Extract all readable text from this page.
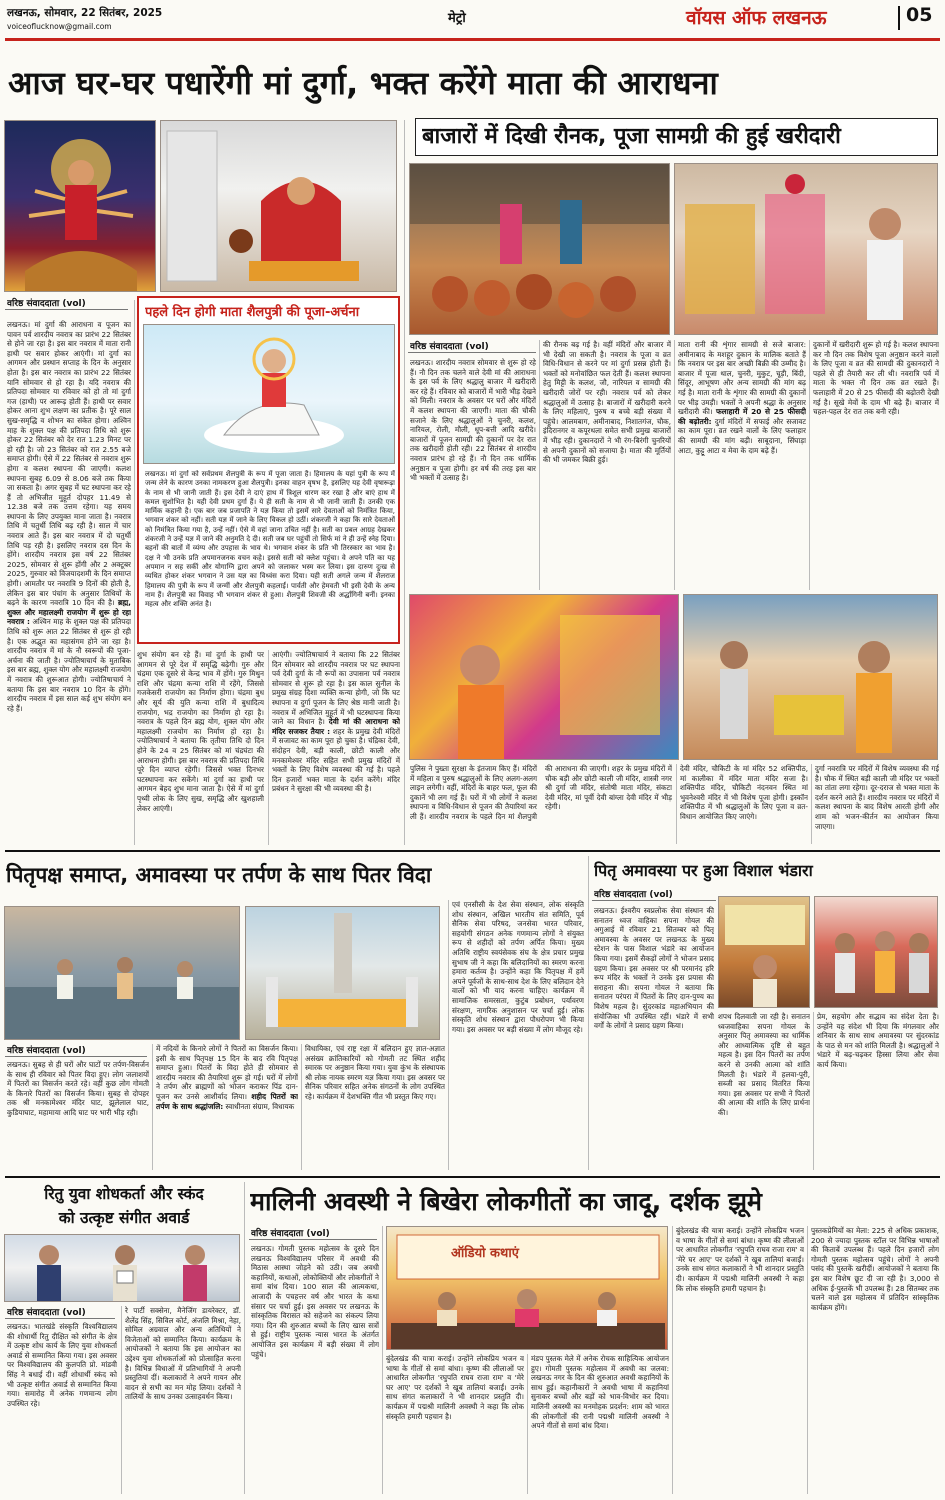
लखनऊ, सोमवार, 22 सितंबर, 2025
voiceoflucknow@gmail.com
मेट्रो	वॉयस ऑफ लखनऊ	05
आज घर-घर पधारेंगी मां दुर्गा, भक्त करेंगे माता की आराधना
वरिष्ठ संवाददाता (vol)
लखनऊ। मां दुर्गा की आराधना व पूजन का पावन पर्व शारदीय नवरात्र का प्रारंभ 22 सितंबर से होने जा रहा है। इस बार नवरात्र में माता रानी हाथी पर सवार होकर आएंगी। मां दुर्गा का आगमन और प्रस्थान सप्ताह के दिन के अनुसार होता है। इस बार नवरात्र का प्रारंभ 22 सितंबर यानि सोमवार से हो रहा है। यदि नवरात्र की प्रतिपदा सोमवार या रविवार को हो तो मां दुर्गा गज (हाथी) पर आरूढ़ होती हैं। हाथी पर सवार होकर आना शुभ लक्षण का प्रतीक है। पूरे साल सुख-समृद्धि व शोभन का संकेत होगा। अश्विन माह के शुक्ल पक्ष की प्रतिपदा तिथि को शुरू होकर 22 सितंबर को देर रात 1.23 मिनट पर हो रही है। जो 23 सितंबर को रात 2.55 बजे समाप्त होगी। ऐसे में 22 सितंबर से नवरात्र शुरू होगा व कलश स्थापना की जाएगी। कलश स्थापना सुबह 6.09 से 8.06 बजे तक किया जा सकता है। अगर सुबह में घट स्थापना कर रहे हैं तो अभिजीत मुहूर्त दोपहर 11.49 से 12.38 बजे तक उत्तम रहेगा। यह समय स्थापना के लिए उपयुक्त माना जाता है। नवरात्र तिथि में चतुर्थी तिथि बढ़ रही है। साल में चार नवरात्र आते हैं। इस बार नवरात्र में दो चतुर्थी तिथि पड़ रही है। इसलिए नवरात्र दस दिन के होंगे। शारदीय नवरात्र इस वर्ष 22 सितंबर 2025, सोमवार से शुरू होंगी और 2 अक्टूबर 2025, गुरुवार को विजयादशमी के दिन समाप्त होगी। आमतौर पर नवरात्रि 9 दिनों की होती है, लेकिन इस बार पंचांग के अनुसार तिथियों के बढ़ने के कारण नवरात्रि 10 दिन की है। ब्रह्म, शुक्ल और महालक्ष्मी राजयोग में शुरू हो रहा नवरात्र : अश्विन माह के शुक्ल पक्ष की प्रतिपदा तिथि को शुरू आत 22 सितंबर से शुरू हो रही है। एक अद्भुत का महासंगम होने जा रहा है। शारदीय नवरात्र में मां के नौ स्वरूपों की पूजा-अर्चना की जाती है। ज्योतिषाचार्य के मुताबिक इस बार ब्रह्म, शुक्ल योग और महालक्ष्मी राजयोग में नवरात्र की शुरूआत होगी। ज्योतिषाचार्य ने बताया कि इस बार नवरात्र 10 दिन के होंगे। शारदीय नवरात्र में इस साल कई शुभ संयोग बन रहे हैं।
पहले दिन होगी माता शैलपुत्री की पूजा-अर्चना
लखनऊ। मां दुर्गा को सर्वप्रथम शैलपुत्री के रूप में पूजा जाता है। हिमालय के यहां पुत्री के रूप में जन्म लेने के कारण उनका नामकरण हुआ शैलपुत्री। इनका वाहन वृषभ है, इसलिए यह देवी वृषारूढ़ा के नाम से भी जानी जाती हैं। इस देवी ने दाएं हाथ में त्रिशूल धारण कर रखा है और बाएं हाथ में कमल सुशोभित है। यही देवी प्रथम दुर्गा हैं। ये ही सती के नाम से भी जानी जाती हैं। उनकी एक मार्मिक कहानी है। एक बार जब प्रजापति ने यज्ञ किया तो इसमें सारे देवताओं को निमंत्रित किया, भगवान शंकर को नहीं। सती यज्ञ में जाने के लिए विकल हो उठीं। शंकरजी ने कहा कि सारे देवताओं को निमंत्रित किया गया है, उन्हें नहीं। ऐसे में वहां जाना उचित नहीं है। सती का प्रबल आग्रह देखकर शंकरजी ने उन्हें यज्ञ में जाने की अनुमति दे दी। सती जब घर पहुंचीं तो सिर्फ मां ने ही उन्हें स्नेह दिया। बहनों की बातों में व्यंग्य और उपहास के भाव थे। भगवान शंकर के प्रति भी तिरस्कार का भाव है। दक्ष ने भी उनके प्रति अपमानजनक वचन कहे। इससे सती को क्लेश पहुंचा। वे अपने पति का यह अपमान न सह सकीं और योगाग्नि द्वारा अपने को जलाकर भस्म कर लिया। इस दारुण दुःख से व्यथित होकर शंकर भगवान ने उस यज्ञ का विध्वंस करा दिया। यही सती अगले जन्म में शैलराज हिमालय की पुत्री के रूप में जन्मीं और शैलपुत्री कहलाईं। पार्वती और हेमवती भी इसी देवी के अन्य नाम हैं। शैलपुत्री का विवाह भी भगवान शंकर से हुआ। शैलपुत्री शिवजी की अर्द्धांगिनी बनीं। इनका महत्व और शक्ति अनंत है।
शुभ संयोग बन रहे हैं। मां दुर्गा के हाथी पर आगमन से पूरे देश में समृद्धि बढ़ेगी। गुरु और चंद्रमा एक दूसरे से केन्द्र भाव में होंगे। गुरु मिथुन राशि और चंद्रमा कन्या राशि में रहेंगे, जिससे गजकेसरी राजयोग का निर्माण होगा। चंद्रमा बुध और सूर्य की युति कन्या राशि में बुधादित्य राजयोग, भद्र राजयोग का निर्माण हो रहा है। नवरात्र के पहले दिन ब्रह्म योग, शुक्ल योग और महालक्ष्मी राजयोग का निर्माण हो रहा है। ज्योतिषाचार्य ने बताया कि तृतीया तिथि दो दिन होने के 24 व 25 सितंबर को मां चंद्रघंटा की आराधना होगी। इस बार नवरात्र की प्रतिपदा तिथि पूरे दिन व्याप्त रहेगी। जिससे भक्त दिनभर घटस्थापना कर सकेंगे। मां दुर्गा का हाथी पर आगमन बेहद शुभ माना जाता है। ऐसे में मां दुर्गा पृथ्वी लोक के लिए सुख, समृद्धि और खुशहाली लेकर आएंगी।
आएंगी। ज्योतिषाचार्य ने बताया कि 22 सितंबर दिन सोमवार को शारदीय नवरात्र पर घट स्थापना पर्व देवी दुर्गा के नौ रूपों का उपासना पर्व नवरात्र सोमवार से शुरू हो रहा है। इस काल सुनील के प्रमुख संग्रह दिशा व्यक्ति कन्या होगी, जो कि घट स्थापना व दुर्गा पूजन के लिए श्रेष्ठ मानी जाती है। नवरात्र में अभिजित मुहूर्त में भी घटस्थापना किया जाने का विधान है। देवी मां की आराधना को मंदिर सजकर तैयार : शहर के प्रमुख देवी मंदिरों में सजावट का काम पूरा हो चुका है। चंद्रिका देवी, संदोहन देवी, बड़ी काली, छोटी काली और मनकामेश्वर मंदिर सहित सभी प्रमुख मंदिरों में भक्तों के लिए विशेष व्यवस्था की गई है। पहले दिन हजारों भक्त माता के दर्शन करेंगे। मंदिर प्रबंधन ने सुरक्षा की भी व्यवस्था की है।
बाजारों में दिखी रौनक, पूजा सामग्री की हुई खरीदारी
वरिष्ठ संवाददाता (vol)
लखनऊ। शारदीय नवरात्र सोमवार से शुरू हो रहे हैं। नौ दिन तक चलने वाले देवी मां की आराधना के इस पर्व के लिए श्रद्धालु बाजार में खरीदारी कर रहे हैं। रविवार को बाजारों में भारी भीड़ देखने को मिली। नवरात्र के अवसर पर घरों और मंदिरों में कलश स्थापना की जाएगी। माता की चौकी सजाने के लिए श्रद्धालुओं ने चुनरी, कलश, नारियल, रोली, मौली, धूप-बत्ती आदि खरीदे। बाजारों में पूजन सामग्री की दुकानों पर देर रात तक खरीदारी होती रही। 22 सितंबर से शारदीय नवरात्र प्रारंभ हो रहे हैं। नौ दिन तक धार्मिक अनुष्ठान व पूजा होगी। हर वर्ष की तरह इस बार भी भक्तों में उत्साह है।
की रौनक बढ़ गई है। वहीं मंदिरों और बाजार में भी देखी जा सकती है। नवरात्र के पूजा व व्रत विधि-विधान से करने पर मां दुर्गा प्रसन्न होती हैं। भक्तों को मनोवांछित फल देती हैं। कलश स्थापना हेतु मिट्टी के कलश, जौ, नारियल व सामग्री की खरीदारी जोरों पर रही। नवरात्र पर्व को लेकर श्रद्धालुओं में उत्साह है। बाजारों में खरीदारी करने के लिए महिलाएं, पुरुष व बच्चे बड़ी संख्या में पहुंचे। आलमबाग, अमीनाबाद, निशातगंज, चौक, इंदिरानगर व कपूरथला समेत सभी प्रमुख बाजारों में भीड़ रही। दुकानदारों ने भी रंग-बिरंगी चुनरियों से अपनी दुकानों को सजाया है। माता की मूर्तियों की भी जमकर बिक्री हुई।
माता रानी की शृंगार सामग्री से सजे बाजार: अमीनाबाद के मशहूर दुकान के मालिक बताते हैं कि नवरात्र पर इस बार अच्छी बिक्री की उम्मीद है। बाजार में पूजा थाल, चुनरी, मुकुट, चूड़ी, बिंदी, सिंदूर, आभूषण और अन्य सामग्री की मांग बढ़ गई है। माता रानी के शृंगार की सामग्री की दुकानों पर भीड़ उमड़ी। भक्तों ने अपनी श्रद्धा के अनुसार खरीदारी की। फलाहारी में 20 से 25 फीसदी की बढ़ोतरी: दुर्गा मंदिरों में सफाई और सजावट का काम पूरा। व्रत रखने वालों के लिए फलाहार की सामग्री की मांग बढ़ी। साबूदाना, सिंघाड़ा आटा, कुट्टू आटा व मेवा के दाम बढ़े हैं।
दुकानों में खरीदारी शुरू हो गई है। कलश स्थापना कर नौ दिन तक विशेष पूजा अनुष्ठान करने वालों के लिए पूजा व व्रत की सामग्री की दुकानदारों ने पहले से ही तैयारी कर ली थी। नवरात्रि पर्व में माता के भक्त नौ दिन तक व्रत रखते हैं। फलाहारी में 20 से 25 फीसदी की बढ़ोतरी देखी गई है। सूखे मेवों के दाम भी बढ़े हैं। बाजार में चहल-पहल देर रात तक बनी रही।
पुलिस ने पुख्ता सुरक्षा के इंतजाम किए हैं। मंदिरों में महिला व पुरुष श्रद्धालुओं के लिए अलग-अलग लाइन लगेगी। वहीं, मंदिरों के बाहर फल, फूल की दुकानें भी लग गई हैं। घरों में भी लोगों ने कलश स्थापना व विधि-विधान से पूजन की तैयारियां कर ली हैं। शारदीय नवरात्र के पहले दिन मां शैलपुत्री की आराधना की जाएगी। शहर के प्रमुख मंदिरों में चौक बड़ी और छोटी काली जी मंदिर, शास्त्री नगर श्री दुर्गा जी मंदिर, संतोषी माता मंदिर, संकटा देवी मंदिर, मां पूर्वी देवी बांग्ला देवी मंदिर में भीड़ रहेगी।
देवी मंदिर, चौकिटी के मां मंदिर 52 शक्तिपीठ, मां कालीका में मंदिर माता मंदिर सजा है। शक्तिपीठ मंदिर, चौकिटी नंदनवन स्थित मां भुवनेश्वरी मंदिर में भी विशेष पूजा होगी। इस्कॉन शक्तिपीठ में भी श्रद्धालुओं के लिए पूजा व व्रत-विधान आयोजित किए जाएंगे।
दुर्गा नवरात्रि पर मंदिरों में विशेष व्यवस्था की गई है। चौक में स्थित बड़ी काली जी मंदिर पर भक्तों का तांता लगा रहेगा। दूर-दराज से भक्त माता के दर्शन करने आते हैं। शारदीय नवरात्र पर मंदिरों में कलश स्थापना के बाद विशेष आरती होगी और शाम को भजन-कीर्तन का आयोजन किया जाएगा।
पितृपक्ष समाप्त, अमावस्या पर तर्पण के साथ पितर विदा
वरिष्ठ संवाददाता (vol)
लखनऊ। सुबह से ही घरों और घाटों पर तर्पण-विसर्जन के साथ ही रविवार को पितर विदा हुए। लोग जलाशयों में पितरों का विसर्जन करते रहे। वहीं कुछ लोग गोमती के किनारे पितरों का विसर्जन किया। सुबह से दोपहर तक श्री मनकामेश्वर मंदिर घाट, झूलेलाल घाट, कुडियाघाट, महामाया आदि घाट पर भारी भीड़ रही।
में नदियों के किनारे लोगों ने पितरों का विसर्जन किया। इसी के साथ पितृपक्ष 15 दिन के बाद रवि पितृपक्ष समाप्त हुआ। पितरों के विदा होते ही सोमवार से शारदीय नवरात्र की तैयारियां शुरू हो गई। घरों में लोगों ने तर्पण और ब्राह्मणों को भोजन कराकर पिंड दान-पूजन कर उनसे आशीर्वाद लिया। शहीद पितरों का तर्पण के साथ श्रद्धांजलि: स्वाधीनता संग्राम, विधायक
विधायिका, एवं राष्ट्र रक्षा में बलिदान हुए ज्ञात-अज्ञात असंख्य क्रांतिकारियों को गोमती तट स्थित शहीद स्मारक पर अनुष्ठान किया गया। युवा कुंभ के संस्थापक श्री लोक नायक स्मरण यज्ञ किया गया। इस अवसर पर सैनिक परिवार सहित अनेक संगठनों के लोग उपस्थित रहे। कार्यक्रम में देशभक्ति गीत भी प्रस्तुत किए गए।
एवं एनसीसी के देश सेवा संस्थान, लोक संस्कृति शोध संस्थान, अखिल भारतीय संत समिति, पूर्व सैनिक सेवा परिषद, जनसेवा भारत परिवार, सहयोगी संगठन अनेक गणमान्य लोगों ने संयुक्त रूप से शहीदों को तर्पण अर्पित किया। मुख्य अतिथि राष्ट्रीय स्वयंसेवक संघ के क्षेत्र प्रचार प्रमुख सुभाष जी ने कहा कि बलिदानियों का स्मरण करना हमारा कर्तव्य है। उन्होंने कहा कि पितृपक्ष में हमें अपने पूर्वजों के साथ-साथ देश के लिए बलिदान देने वालों को भी याद करना चाहिए। कार्यक्रम में सामाजिक समरसता, कुटुंब प्रबोधन, पर्यावरण संरक्षण, नागरिक अनुशासन पर चर्चा हुई। लोक संस्कृति शोध संस्थान द्वारा पौधरोपण भी किया गया। इस अवसर पर बड़ी संख्या में लोग मौजूद रहे।
पितृ अमावस्या पर हुआ विशाल भंडारा
वरिष्ठ संवाददाता (vol)
लखनऊ। ईश्वरीय स्वप्नलोक सेवा संस्थान की सनातन ध्वज वाहिका सपना गोयल की अगुआई में रविवार 21 सितम्बर को पितृ अमावस्या के अवसर पर लखनऊ के मुख्य स्टेशन के पास विशाल भंडारे का आयोजन किया गया। इसमें सैकड़ों लोगों ने भोजन प्रसाद ग्रहण किया। इस अवसर पर श्री परमानंद हरि रूप मंदिर के भक्तों ने उनके इस प्रयास की सराहना की। सपना गोयल ने बताया कि सनातन परंपरा में पितरों के लिए दान-पुण्य का विशेष महत्व है। सुंदरकांड महाअभियान की संयोजिका भी उपस्थित रहीं। भंडारे में सभी वर्गों के लोगों ने प्रसाद ग्रहण किया।
शपथ दिलवाती जा रही है। सनातन ध्वजवाहिका सपना गोयल के अनुसार पितृ अमावस्या का धार्मिक और आध्यात्मिक दृष्टि से बहुत महत्व है। इस दिन पितरों का तर्पण करने से उनकी आत्मा को शांति मिलती है। भंडारे में हलवा-पूरी, सब्जी का प्रसाद वितरित किया गया। इस अवसर पर सभी ने पितरों की आत्मा की शांति के लिए प्रार्थना की।
प्रेम, सहयोग और सद्भाव का संदेश देता है। उन्होंने यह संदेश भी दिया कि मंगलवार और शनिवार के साथ साथ अमावस्या पर सुंदरकांड के पाठ से मन को शांति मिलती है। श्रद्धालुओं ने भंडारे में बढ़-चढ़कर हिस्सा लिया और सेवा कार्य किया।
रितु युवा शोधकर्ता और स्कंद
को उत्कृष्ट संगीत अवार्ड
वरिष्ठ संवाददाता (vol)
लखनऊ। भातखंडे संस्कृति विश्वविद्यालय की शोधार्थी रितु दीक्षित को संगीत के क्षेत्र में उत्कृष्ट शोध कार्य के लिए युवा शोधकर्ता अवार्ड से सम्मानित किया गया। इस अवसर पर विश्वविद्यालय की कुलपति प्रो. मांडवी सिंह ने बधाई दी। वहीं शोधार्थी स्कंद को भी उत्कृष्ट संगीत अवार्ड से सम्मानित किया गया। समारोह में अनेक गणमान्य लोग उपस्थित रहे।
रे पार्टी सक्सेना, मैनेजिंग डायरेक्टर, डॉ. शैलेंद्र सिंह, सिविल कोर्ट, अंजलि मिश्रा, नेहा, सोमिल अग्रवाल और अन्य अतिथियों ने विजेताओं को सम्मानित किया। कार्यक्रम के आयोजकों ने बताया कि इस आयोजन का उद्देश्य युवा शोधकर्ताओं को प्रोत्साहित करना है। विभिन्न विधाओं में प्रतिभागियों ने अपनी प्रस्तुतियां दीं। कलाकारों ने अपने गायन और वादन से सभी का मन मोह लिया। दर्शकों ने तालियों के साथ उनका उत्साहवर्धन किया।
मालिनी अवस्थी ने बिखेरा लोकगीतों का जादू, दर्शक झूमे
वरिष्ठ संवाददाता (vol)
लखनऊ। गोमती पुस्तक महोत्सव के दूसरे दिन लखनऊ विश्वविद्यालय परिसर में अवधी की मिठास आस्था जोड़ने को उठी। जब अवधी कहानियों, कथाओं, लोकोक्तियों और लोकगीतों ने समां बांध दिया। 100 साल की आत्मकथा, आजादी के पचहत्तर वर्ष और भारत के कथा संसार पर चर्चा हुई। इस अवसर पर लखनऊ के सांस्कृतिक विरासत को सहेजने का संकल्प लिया गया। दिन की शुरुआत बच्चों के लिए खास सत्रों से हुई। राष्ट्रीय पुस्तक न्यास भारत के अंतर्गत आयोजित इस कार्यक्रम में बड़ी संख्या में लोग पहुंचे।
ऑडियो कथाएं
बुंदेलखंड की यात्रा कराई। उन्होंने लोकप्रिय भजन व भाषा के गीतों से समां बांधा। कृष्ण की लीलाओं पर आधारित लोकगीत 'रघुपति राघव राजा राम' व 'मेरे घर आए' पर दर्शकों ने खूब तालियां बजाईं। उनके साथ संगत कलाकारों ने भी शानदार प्रस्तुति दी। कार्यक्रम में पद्मश्री मालिनी अवस्थी ने कहा कि लोक संस्कृति हमारी पहचान है।
मंडप पुस्तक मेले में अनेक रोचक साहित्यिक आयोजन हुए। गोमती पुस्तक महोत्सव में अवधी का जलवा: लखनऊ नगर के दिन की शुरुआत अवधी कहानियों के साथ हुई। कहानीकारों ने अवधी भाषा में कहानियां सुनाकर बच्चों और बड़ों को भाव-विभोर कर दिया। मालिनी अवस्थी का मनमोहक प्रदर्शन: शाम को भारत की लोकगीतों की रानी पद्मश्री मालिनी अवस्थी ने अपने गीतों से समां बांध दिया।
बुंदेलखंड की यात्रा कराई। उन्होंने लोकप्रिय भजन व भाषा के गीतों से समां बांधा। कृष्ण की लीलाओं पर आधारित लोकगीत 'रघुपति राघव राजा राम' व 'मेरे घर आए' पर दर्शकों ने खूब तालियां बजाईं। उनके साथ संगत कलाकारों ने भी शानदार प्रस्तुति दी। कार्यक्रम में पद्मश्री मालिनी अवस्थी ने कहा कि लोक संस्कृति हमारी पहचान है।
पुस्तकप्रेमियों का मेला: 225 से अधिक प्रकाशक, 200 से ज्यादा पुस्तक स्टॉल पर विभिन्न भाषाओं की किताबें उपलब्ध हैं। पहले दिन हजारों लोग गोमती पुस्तक महोत्सव पहुंचे। लोगों ने अपनी पसंद की पुस्तकें खरीदीं। आयोजकों ने बताया कि इस बार विशेष छूट दी जा रही है। 3,000 से अधिक ई-पुस्तकें भी उपलब्ध हैं। 28 सितम्बर तक चलने वाले इस महोत्सव में प्रतिदिन सांस्कृतिक कार्यक्रम होंगे।
